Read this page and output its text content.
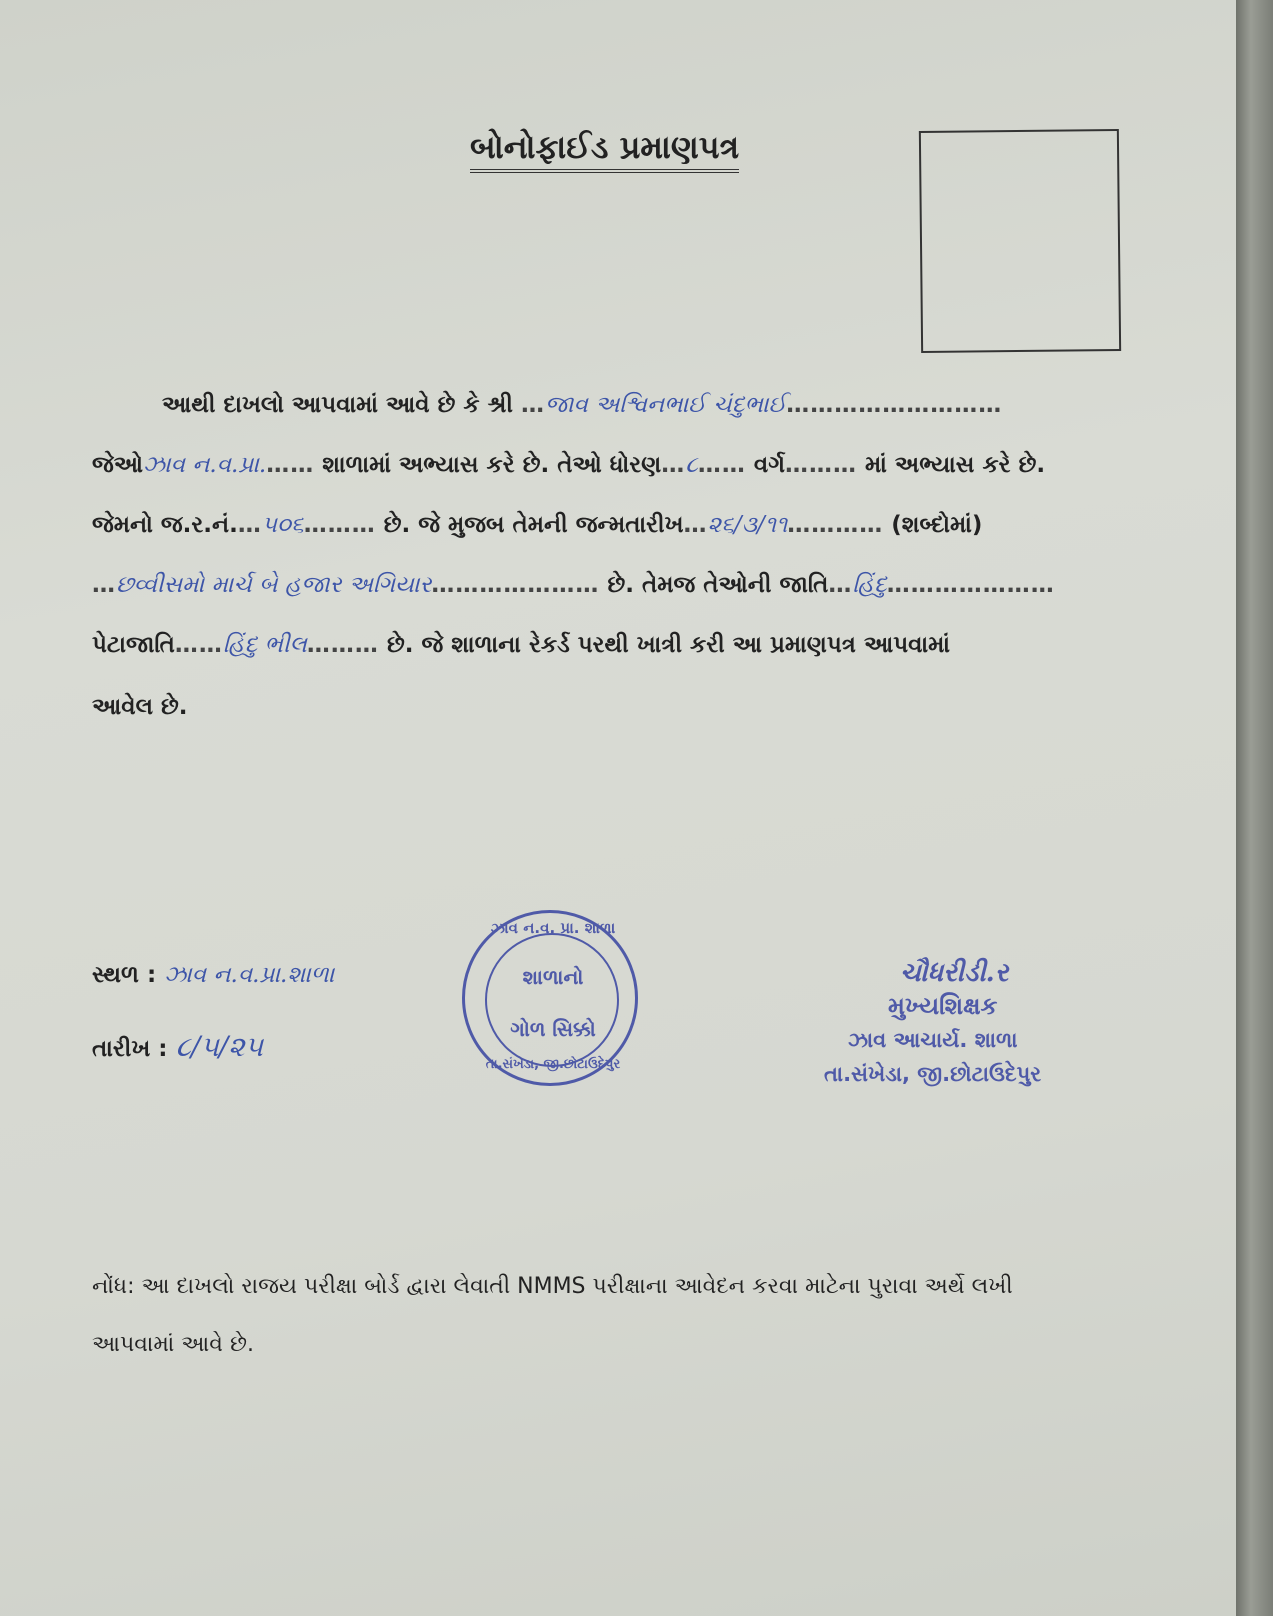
બોનોફાઈડ પ્રમાણપત્ર
આથી દાખલો આપવામાં આવે છે કે શ્રી …જાવ અશ્વિનભાઈ ચંદુભાઈ………………………
જેઓઝાવ ન.વ.પ્રા.…… શાળામાં અભ્યાસ કરે છે. તેઓ ધોરણ…૮…… વર્ગ……… માં અભ્યાસ કરે છે.
જેમનો જ.ર.નં.…૫૦૬……… છે. જે મુજબ તેમની જન્મતારીખ…૨૬/૩/૧૧………… (શબ્દોમાં)
…છવ્વીસમો માર્ચ બે હજાર અગિયાર………………… છે. તેમજ તેઓની જાતિ…હિંદુ…………………
પેટાજાતિ……હિંદુ ભીલ……… છે. જે શાળાના રેકર્ડ પરથી ખાત્રી કરી આ પ્રમાણપત્ર આપવામાં
આવેલ છે.
સ્થળ : ઝાવ ન.વ.પ્રા.શાળા
તારીખ : ૮/૫/૨૫
ઝાવ ન.વ. પ્રા. શાળા
શાળાનો
ગોળ સિક્કો
તા.સંખેડા, જી.છોટાઉદેપુર
ચૌધરીડી.ર
મુખ્યશિક્ષક
ઝાવ આચાર્ય. શાળા
તા.સંખેડા, જી.છોટાઉદેપુર
નોંધ: આ દાખલો રાજય પરીક્ષા બોર્ડ દ્વારા લેવાતી NMMS પરીક્ષાના આવેદન કરવા માટેના પુરાવા અર્થે લખી
આપવામાં આવે છે.
